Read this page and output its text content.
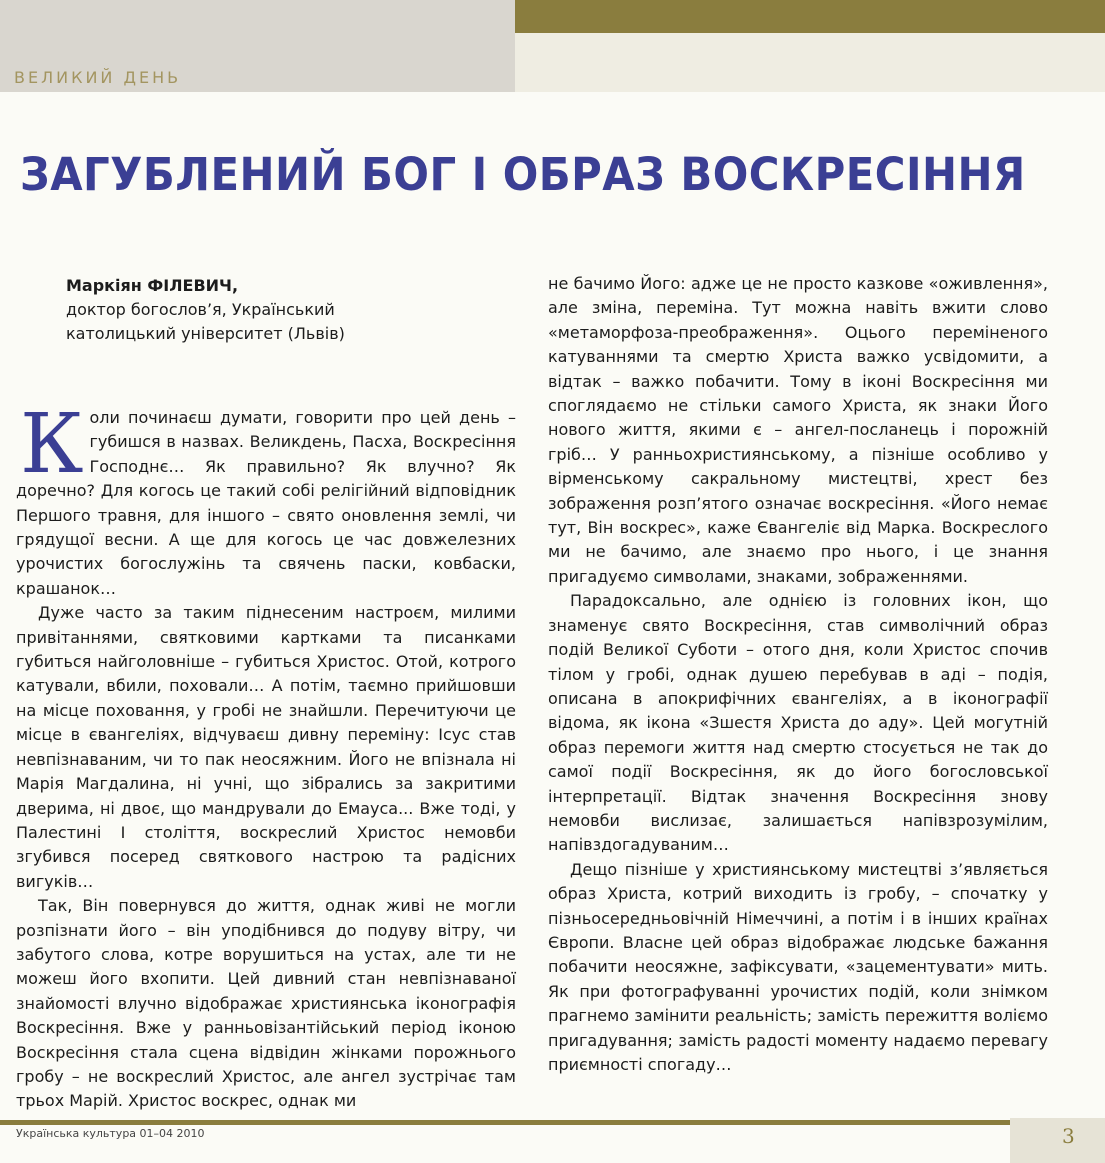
ВЕЛИКИЙ ДЕНЬ
ЗАГУБЛЕНИЙ БОГ І ОБРАЗ ВОСКРЕСІННЯ
Маркіян ФІЛЕВИЧ,
доктор богослов’я, Український
католицький університет (Львів)

Коли починаєш думати, говорити про цей день – губишся в назвах. Великдень, Пасха, Воскресіння Господнє… Як правильно? Як влучно? Як доречно? Для когось це такий собі релігійний відповідник Першого травня, для іншого – свято оновлення землі, чи грядущої весни. А ще для когось це час довжелезних урочистих богослужінь та свячень паски, ковбаски, крашанок…

Дуже часто за таким піднесеним настроєм, милими привітаннями, святковими картками та писанками губиться найголовніше – губиться Христос. Отой, котрого катували, вбили, поховали… А потім, таємно прийшовши на місце поховання, у гробі не знайшли. Перечитуючи це місце в євангеліях, відчуваєш дивну переміну: Ісус став невпізнаваним, чи то пак неосяжним. Його не впізнала ні Марія Магдалина, ні учні, що зібрались за закритими дверима, ні двоє, що мандрували до Емауса... Вже тоді, у Палестині I століття, воскреслий Христос немовби згубився посеред святкового настрою та радісних вигуків…

Так, Він повернувся до життя, однак живі не могли розпізнати його – він уподібнився до подуву вітру, чи забутого слова, котре ворушиться на устах, але ти не можеш його вхопити. Цей дивний стан невпізнаваної знайомості влучно відображає християнська іконографія Воскресіння. Вже у ранньовізантійський період іконою Воскресіння стала сцена відвідин жінками порожнього гробу – не воскреслий Христос, але ангел зустрічає там трьох Марій. Христос воскрес, однак ми

не бачимо Його: адже це не просто казкове «оживлення», але зміна, переміна. Тут можна навіть вжити слово «метаморфоза-преображення». Оцього переміненого катуваннями та смертю Христа важко усвідомити, а відтак – важко побачити. Тому в іконі Воскресіння ми споглядаємо не стільки самого Христа, як знаки Його нового життя, якими є – ангел-посланець і порожній гріб… У ранньохристиянському, а пізніше особливо у вірменському сакральному мистецтві, хрест без зображення розп’ятого означає воскресіння. «Його немає тут, Він воскрес», каже Євангеліє від Марка. Воскреслого ми не бачимо, але знаємо про нього, і це знання пригадуємо символами, знаками, зображеннями.

Парадоксально, але однією із головних ікон, що знаменує свято Воскресіння, став символічний образ подій Великої Суботи – отого дня, коли Христос спочив тілом у гробі, однак душею перебував в аді – подія, описана в апокрифічних євангеліях, а в іконографії відома, як ікона «Зшестя Христа до аду». Цей могутній образ перемоги життя над смертю стосується не так до самої події Воскресіння, як до його богословської інтерпретації. Відтак значення Воскресіння знову немовби вислизає, залишається напівзрозумілим, напівздогадуваним…

Дещо пізніше у християнському мистецтві з’являється образ Христа, котрий виходить із гробу, – спочатку у пізньосередньовічній Німеччині, а потім і в інших країнах Європи. Власне цей образ відображає людське бажання побачити неосяжне, зафіксувати, «зацементувати» мить. Як при фотографуванні урочистих подій, коли знімком прагнемо замінити реальність; замість пережиття воліємо пригадування; замість радості моменту надаємо перевагу приємності спогаду…

Українська культура 01–04 2010	3
